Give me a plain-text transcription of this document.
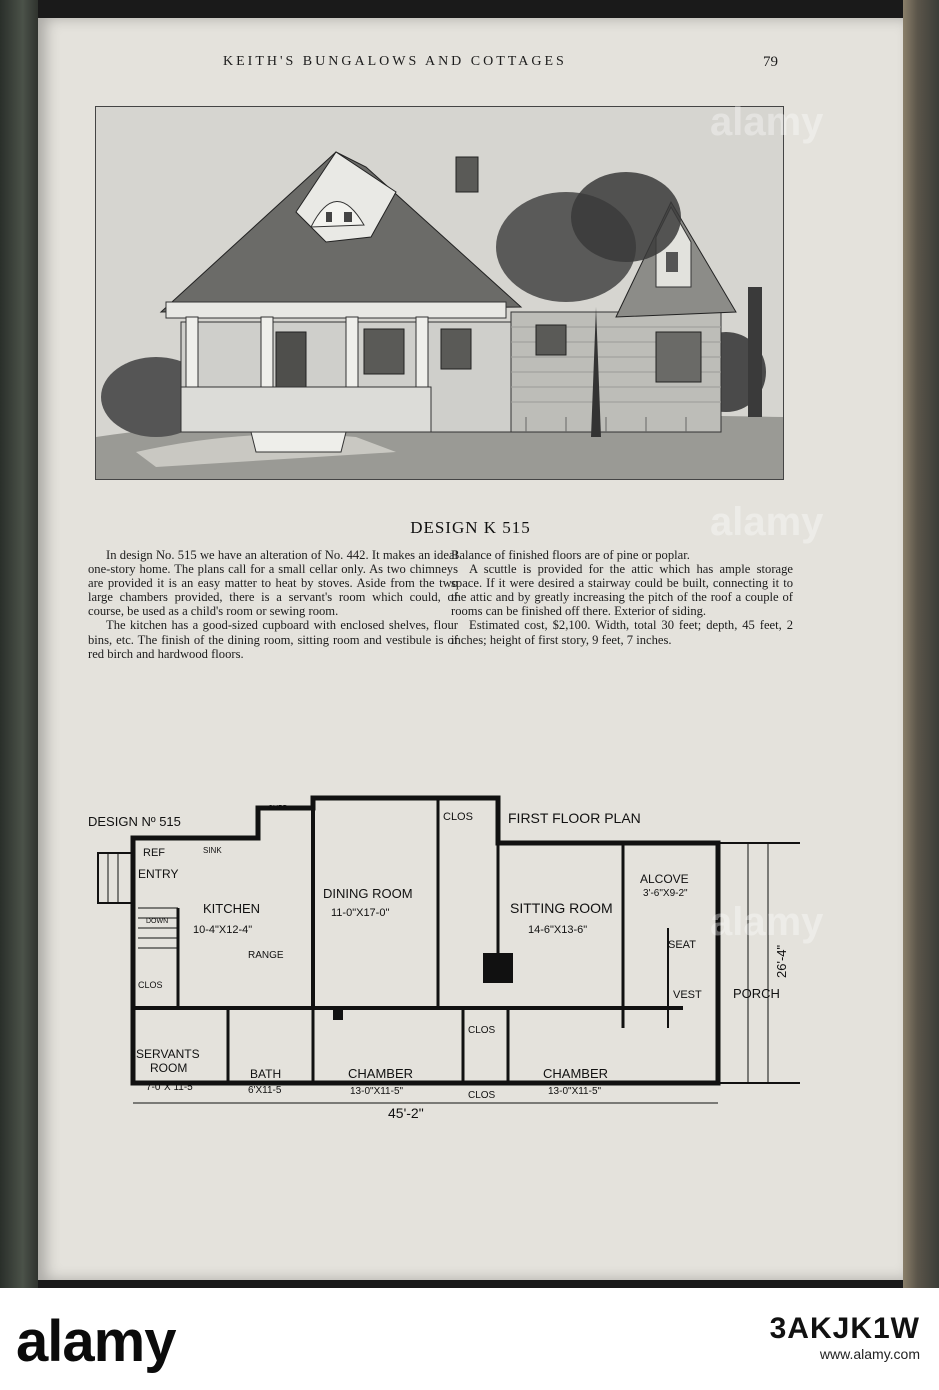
KEITH'S BUNGALOWS AND COTTAGES	79
DESIGN K 515

In design No. 515 we have an alteration of No. 442. It makes an ideal one-story home. The plans call for a small cellar only. As two chimneys are provided it is an easy matter to heat by stoves. Aside from the two large chambers provided, there is a servant's room which could, of course, be used as a child's room or sewing room.

The kitchen has a good-sized cupboard with enclosed shelves, flour bins, etc. The finish of the dining room, sitting room and vestibule is of red birch and hardwood floors.

Balance of finished floors are of pine or poplar.

A scuttle is provided for the attic which has ample storage space. If it were desired a stairway could be built, connecting it to the attic and by greatly increasing the pitch of the roof a couple of rooms can be finished off there. Exterior of siding.

Estimated cost, $2,100. Width, total 30 feet; depth, 45 feet, 2 inches; height of first story, 9 feet, 7 inches.

DESIGN Nº 515	FIRST FLOOR PLAN
CUPB.
REF	SINK
ENTRY
DOWN
KITCHEN
10-4"X12-4"
RANGE
CLOS
SERVANTS
ROOM
7-0"X 11-5
BATH
6'X11-5
DINING ROOM
11-0"X17-0"
CLOS
SITTING ROOM
14-6"X13-6"
ALCOVE
3'-6"X9-2"
SEAT
VEST PORCH
CLOS
CHAMBER
13-0"X11-5"	CLOS
CHAMBER
13-0"X11-5"
26'-4"
45'-2"
alamy
alamy
alamy
alamy	3AKJK1W
www.alamy.com
